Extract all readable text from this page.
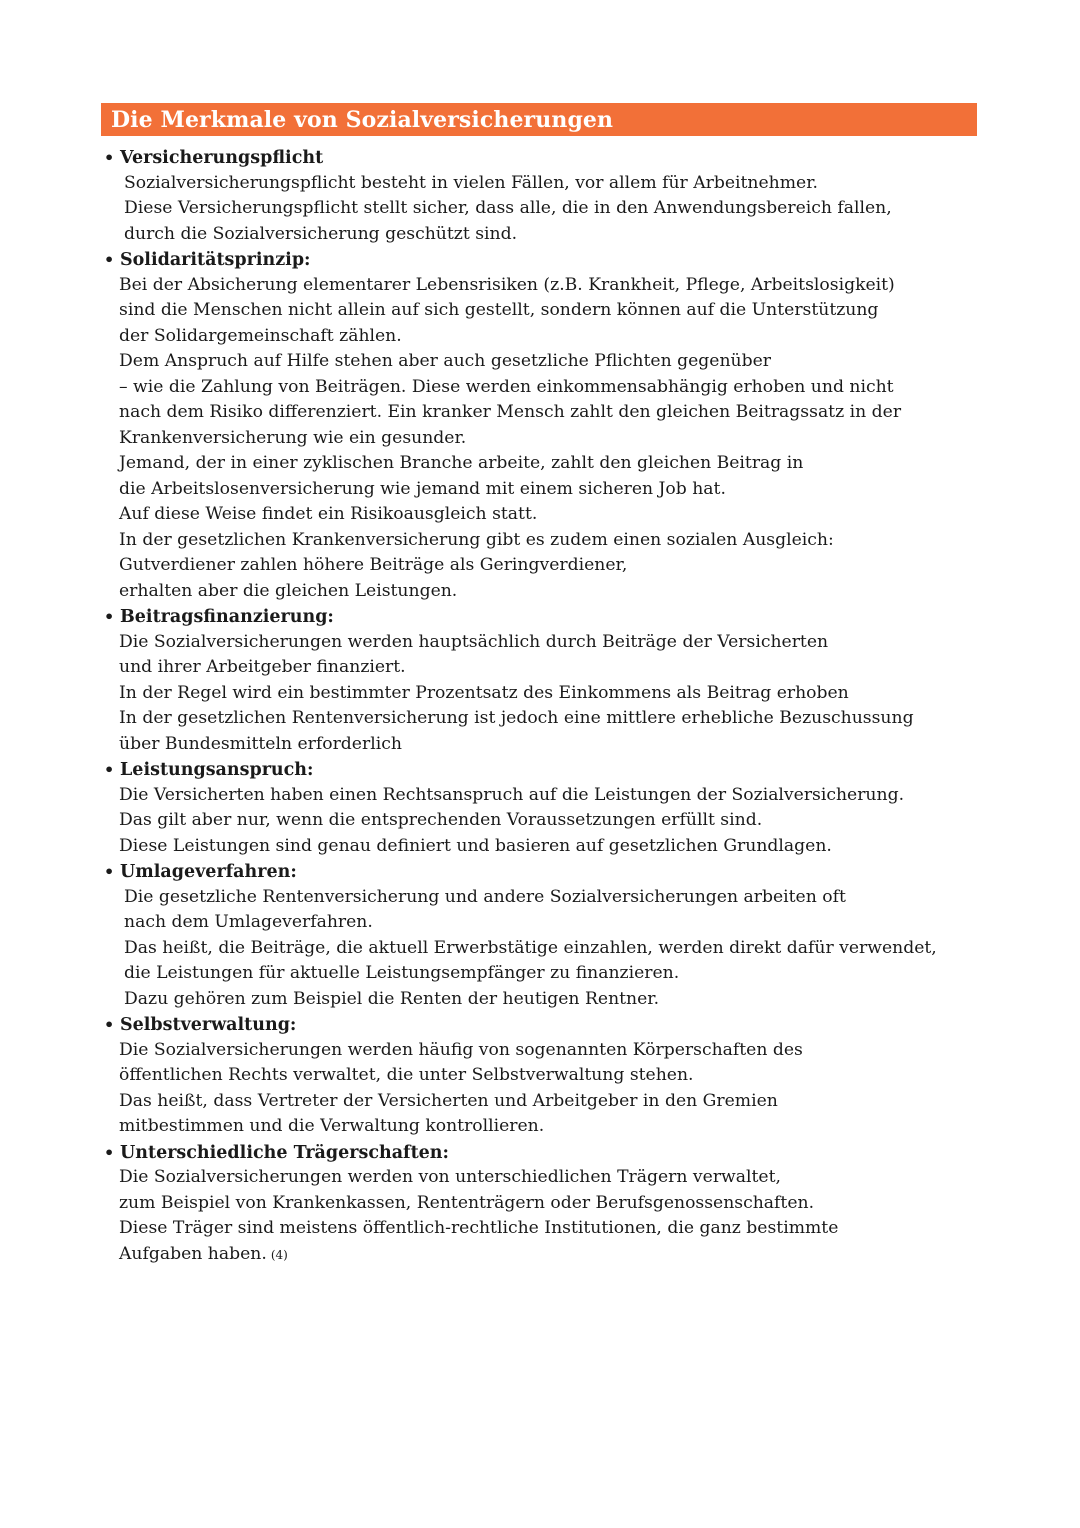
Die Merkmale von Sozialversicherungen
• Versicherungspflicht
Sozialversicherungspflicht besteht in vielen Fällen, vor allem für Arbeitnehmer.
Diese Versicherungspflicht stellt sicher, dass alle, die in den Anwendungsbereich fallen,
durch die Sozialversicherung geschützt sind.
• Solidaritätsprinzip:
Bei der Absicherung elementarer Lebensrisiken (z.B. Krankheit, Pflege, Arbeitslosigkeit)
sind die Menschen nicht allein auf sich gestellt, sondern können auf die Unterstützung
der Solidargemeinschaft zählen.
Dem Anspruch auf Hilfe stehen aber auch gesetzliche Pflichten gegenüber
– wie die Zahlung von Beiträgen. Diese werden einkommensabhängig erhoben und nicht
nach dem Risiko differenziert. Ein kranker Mensch zahlt den gleichen Beitragssatz in der
Krankenversicherung wie ein gesunder.
Jemand, der in einer zyklischen Branche arbeite, zahlt den gleichen Beitrag in
die Arbeitslosenversicherung wie jemand mit einem sicheren Job hat.
Auf diese Weise findet ein Risikoausgleich statt.
In der gesetzlichen Krankenversicherung gibt es zudem einen sozialen Ausgleich:
Gutverdiener zahlen höhere Beiträge als Geringverdiener,
erhalten aber die gleichen Leistungen.
• Beitragsfinanzierung:
Die Sozialversicherungen werden hauptsächlich durch Beiträge der Versicherten
und ihrer Arbeitgeber finanziert.
In der Regel wird ein bestimmter Prozentsatz des Einkommens als Beitrag erhoben
In der gesetzlichen Rentenversicherung ist jedoch eine mittlere erhebliche Bezuschussung
über Bundesmitteln erforderlich
• Leistungsanspruch:
Die Versicherten haben einen Rechtsanspruch auf die Leistungen der Sozialversicherung.
Das gilt aber nur, wenn die entsprechenden Voraussetzungen erfüllt sind.
Diese Leistungen sind genau definiert und basieren auf gesetzlichen Grundlagen.
• Umlageverfahren:
Die gesetzliche Rentenversicherung und andere Sozialversicherungen arbeiten oft
nach dem Umlageverfahren.
Das heißt, die Beiträge, die aktuell Erwerbstätige einzahlen, werden direkt dafür verwendet,
die Leistungen für aktuelle Leistungsempfänger zu finanzieren.
Dazu gehören zum Beispiel die Renten der heutigen Rentner.
• Selbstverwaltung:
Die Sozialversicherungen werden häufig von sogenannten Körperschaften des
öffentlichen Rechts verwaltet, die unter Selbstverwaltung stehen.
Das heißt, dass Vertreter der Versicherten und Arbeitgeber in den Gremien
mitbestimmen und die Verwaltung kontrollieren.
• Unterschiedliche Trägerschaften:
Die Sozialversicherungen werden von unterschiedlichen Trägern verwaltet,
zum Beispiel von Krankenkassen, Rententrägern oder Berufsgenossenschaften.
Diese Träger sind meistens öffentlich-rechtliche Institutionen, die ganz bestimmte
Aufgaben haben. (4)
